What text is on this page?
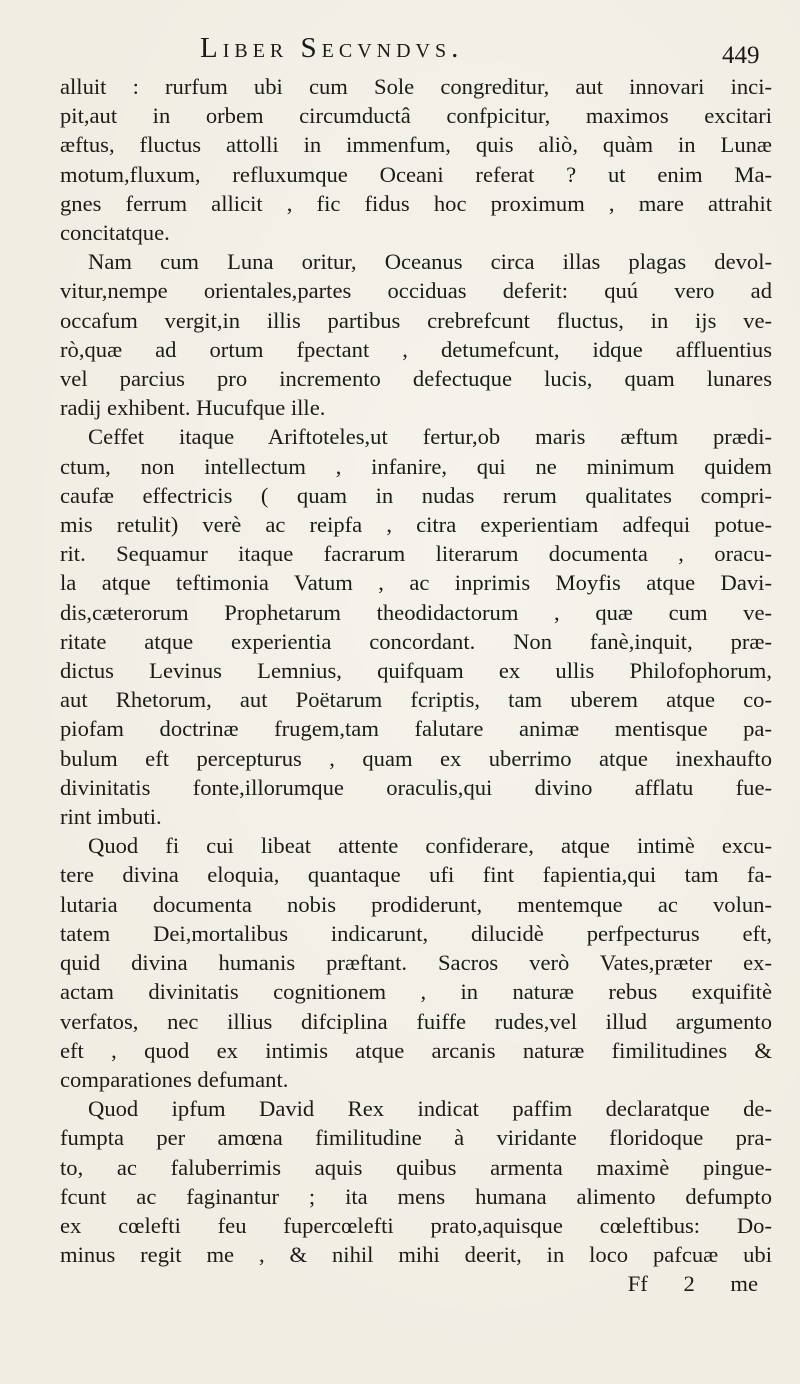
Liber Secvndvs.	449
alluit : rurfum ubi cum Sole congreditur, aut innovari inci-
pit,aut in orbem circumductâ confpicitur, maximos excitari
æftus, fluctus attolli in immenfum, quis aliò, quàm in Lunæ
motum,fluxum, refluxumque Oceani referat ? ut enim Ma-
gnes ferrum allicit , fic fidus hoc proximum , mare attrahit
concitatque.
Nam cum Luna oritur, Oceanus circa illas plagas devol-
vitur,nempe orientales,partes occiduas deferit: quú vero ad
occafum vergit,in illis partibus crebrefcunt fluctus, in ijs ve-
rò,quæ ad ortum fpectant , detumefcunt, idque affluentius
vel parcius pro incremento defectuque lucis, quam lunares
radij exhibent. Hucufque ille.
Ceffet itaque Ariftoteles,ut fertur,ob maris æftum prædi-
ctum, non intellectum , infanire, qui ne minimum quidem
caufæ effectricis ( quam in nudas rerum qualitates compri-
mis retulit) verè ac reipfa , citra experientiam adfequi potue-
rit. Sequamur itaque facrarum literarum documenta , oracu-
la atque teftimonia Vatum , ac inprimis Moyfis atque Davi-
dis,cæterorum Prophetarum theodidactorum , quæ cum ve-
ritate atque experientia concordant. Non fanè,inquit, præ-
dictus Levinus Lemnius, quifquam ex ullis Philofophorum,
aut Rhetorum, aut Poëtarum fcriptis, tam uberem atque co-
piofam doctrinæ frugem,tam falutare animæ mentisque pa-
bulum eft percepturus , quam ex uberrimo atque inexhaufto
divinitatis fonte,illorumque oraculis,qui divino afflatu fue-
rint imbuti.
Quod fi cui libeat attente confiderare, atque intimè excu-
tere divina eloquia, quantaque ufi fint fapientia,qui tam fa-
lutaria documenta nobis prodiderunt, mentemque ac volun-
tatem Dei,mortalibus indicarunt, dilucidè perfpecturus eft,
quid divina humanis præftant. Sacros verò Vates,præter ex-
actam divinitatis cognitionem , in naturæ rebus exquifitè
verfatos, nec illius difciplina fuiffe rudes,vel illud argumento
eft , quod ex intimis atque arcanis naturæ fimilitudines &
comparationes defumant.
Quod ipfum David Rex indicat paffim declaratque de-
fumpta per amœna fimilitudine à viridante floridoque pra-
to, ac faluberrimis aquis quibus armenta maximè pingue-
fcunt ac faginantur ; ita mens humana alimento defumpto
ex cœlefti feu fupercœlefti prato,aquisque cœleftibus: Do-
minus regit me , & nihil mihi deerit, in loco pafcuæ ubi
Ff 2 me
